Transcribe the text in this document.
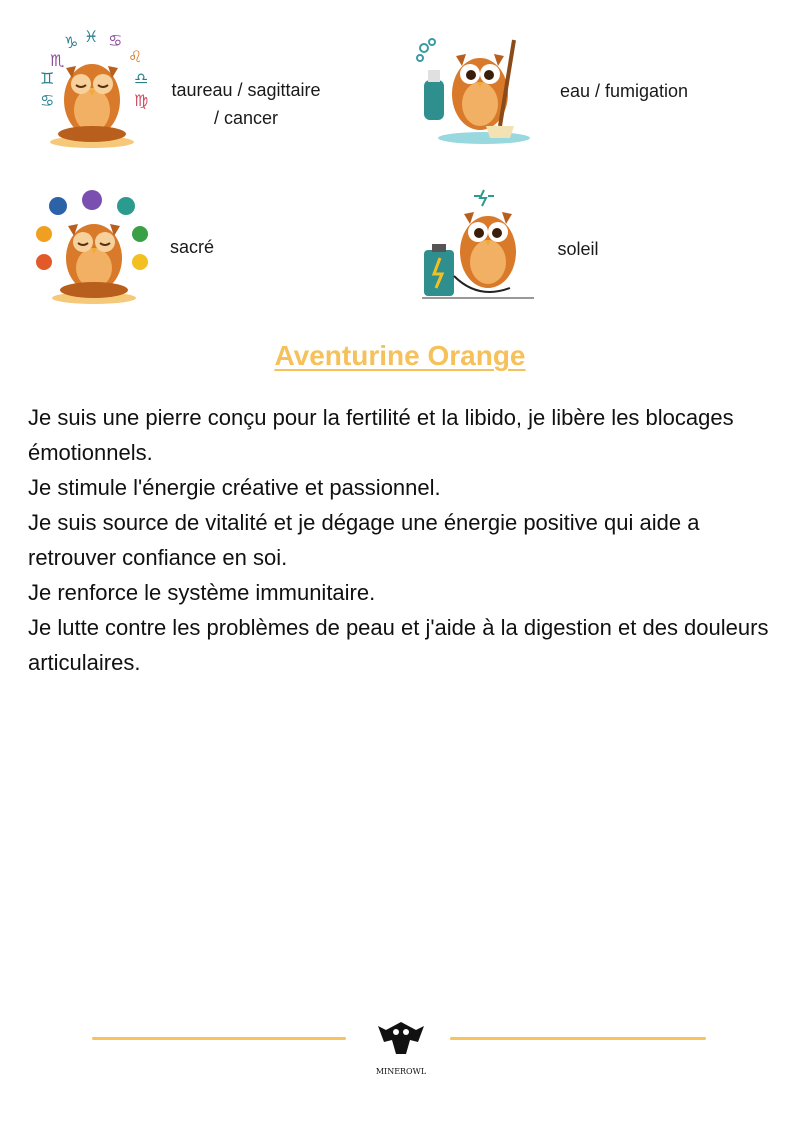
♏
♑ ♓ ♋
♌
♊	♎
♋	♍
taureau / sagittaire
/ cancer
eau / fumigation
sacré	soleil
Aventurine Orange

Je suis une pierre conçu pour la fertilité et la libido, je libère les blocages émotionnels.

Je stimule l'énergie créative et passionnel.

Je suis source de vitalité et je dégage une énergie positive qui aide a retrouver confiance en soi.

Je renforce le système immunitaire.

Je lutte contre les problèmes de peau et j'aide à la digestion et des douleurs articulaires.

MINEROWL
